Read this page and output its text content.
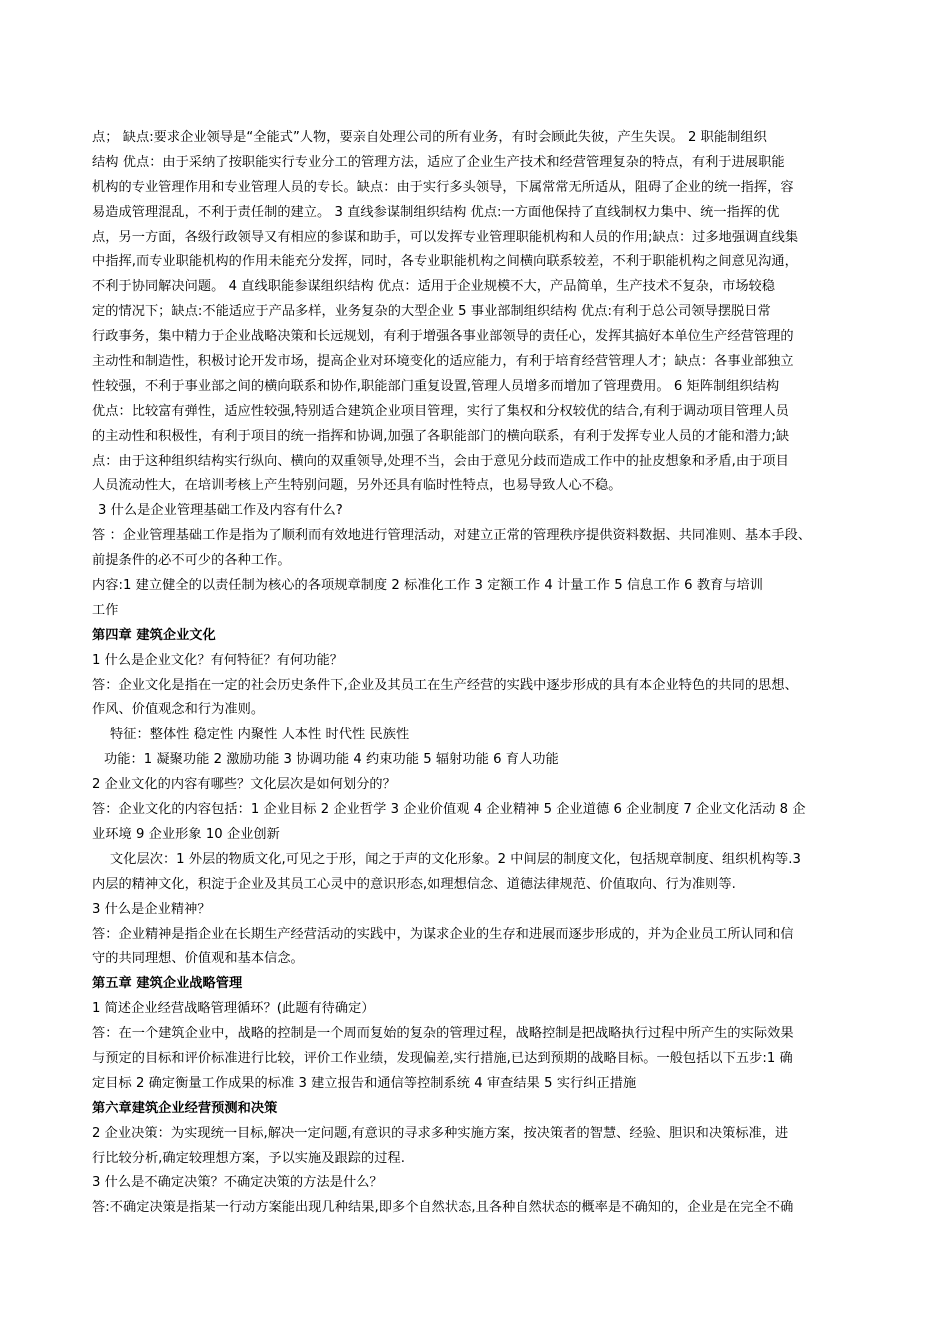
点； 缺点:要求企业领导是“全能式”人物，要亲自处理公司的所有业务，有时会顾此失彼，产生失误。 2 职能制组织
结构 优点：由于采纳了按职能实行专业分工的管理方法，适应了企业生产技术和经营管理复杂的特点，有利于进展职能
机构的专业管理作用和专业管理人员的专长。缺点：由于实行多头领导，下属常常无所适从，阻碍了企业的统一指挥，容
易造成管理混乱，不利于责任制的建立。 3 直线参谋制组织结构 优点:一方面他保持了直线制权力集中、统一指挥的优
点，另一方面，各级行政领导又有相应的参谋和助手，可以发挥专业管理职能机构和人员的作用;缺点：过多地强调直线集
中指挥,而专业职能机构的作用未能充分发挥，同时，各专业职能机构之间横向联系较差，不利于职能机构之间意见沟通，
不利于协同解决问题。 4 直线职能参谋组织结构 优点：适用于企业规模不大，产品简单，生产技术不复杂，市场较稳
定的情况下；缺点:不能适应于产品多样，业务复杂的大型企业 5 事业部制组织结构 优点:有利于总公司领导摆脱日常
行政事务，集中精力于企业战略决策和长远规划，有利于增强各事业部领导的责任心，发挥其搞好本单位生产经营管理的
主动性和制造性，积极讨论开发市场，提高企业对环境变化的适应能力，有利于培育经营管理人才；缺点：各事业部独立
性较强，不利于事业部之间的横向联系和协作,职能部门重复设置,管理人员增多而增加了管理费用。 6 矩阵制组织结构
优点：比较富有弹性，适应性较强,特别适合建筑企业项目管理，实行了集权和分权较优的结合,有利于调动项目管理人员
的主动性和积极性，有利于项目的统一指挥和协调,加强了各职能部门的横向联系，有利于发挥专业人员的才能和潜力;缺
点：由于这种组织结构实行纵向、横向的双重领导,处理不当，会由于意见分歧而造成工作中的扯皮想象和矛盾,由于项目
人员流动性大，在培训考核上产生特别问题，另外还具有临时性特点，也易导致人心不稳。
3 什么是企业管理基础工作及内容有什么?
答 ：企业管理基础工作是指为了顺利而有效地进行管理活动，对建立正常的管理秩序提供资料数据、共同准则、基本手段、
前提条件的必不可少的各种工作。
内容:1 建立健全的以责任制为核心的各项规章制度 2 标准化工作 3 定额工作 4 计量工作 5 信息工作 6 教育与培训
工作
第四章 建筑企业文化
1 什么是企业文化？有何特征？有何功能？
答：企业文化是指在一定的社会历史条件下,企业及其员工在生产经营的实践中逐步形成的具有本企业特色的共同的思想、
作风、价值观念和行为准则。
特征：整体性 稳定性 内聚性 人本性 时代性 民族性
功能：1 凝聚功能 2 激励功能 3 协调功能 4 约束功能 5 辐射功能 6 育人功能
2 企业文化的内容有哪些？文化层次是如何划分的？
答：企业文化的内容包括：1 企业目标 2 企业哲学 3 企业价值观 4 企业精神 5 企业道德 6 企业制度 7 企业文化活动 8 企
业环境 9 企业形象 10 企业创新
文化层次：1 外层的物质文化,可见之于形，闻之于声的文化形象。2 中间层的制度文化，包括规章制度、组织机构等.3
内层的精神文化，积淀于企业及其员工心灵中的意识形态,如理想信念、道德法律规范、价值取向、行为准则等.
3 什么是企业精神？
答：企业精神是指企业在长期生产经营活动的实践中，为谋求企业的生存和进展而逐步形成的，并为企业员工所认同和信
守的共同理想、价值观和基本信念。
第五章 建筑企业战略管理
1 简述企业经营战略管理循环？(此题有待确定）
答：在一个建筑企业中，战略的控制是一个周而复始的复杂的管理过程，战略控制是把战略执行过程中所产生的实际效果
与预定的目标和评价标准进行比较，评价工作业绩，发现偏差,实行措施,已达到预期的战略目标。一般包括以下五步:1 确
定目标 2 确定衡量工作成果的标准 3 建立报告和通信等控制系统 4 审查结果 5 实行纠正措施
第六章建筑企业经营预测和决策
2 企业决策：为实现统一目标,解决一定问题,有意识的寻求多种实施方案，按决策者的智慧、经验、胆识和决策标准，进
行比较分析,确定较理想方案，予以实施及跟踪的过程.
3 什么是不确定决策？不确定决策的方法是什么？
答:不确定决策是指某一行动方案能出现几种结果,即多个自然状态,且各种自然状态的概率是不确知的，企业是在完全不确
